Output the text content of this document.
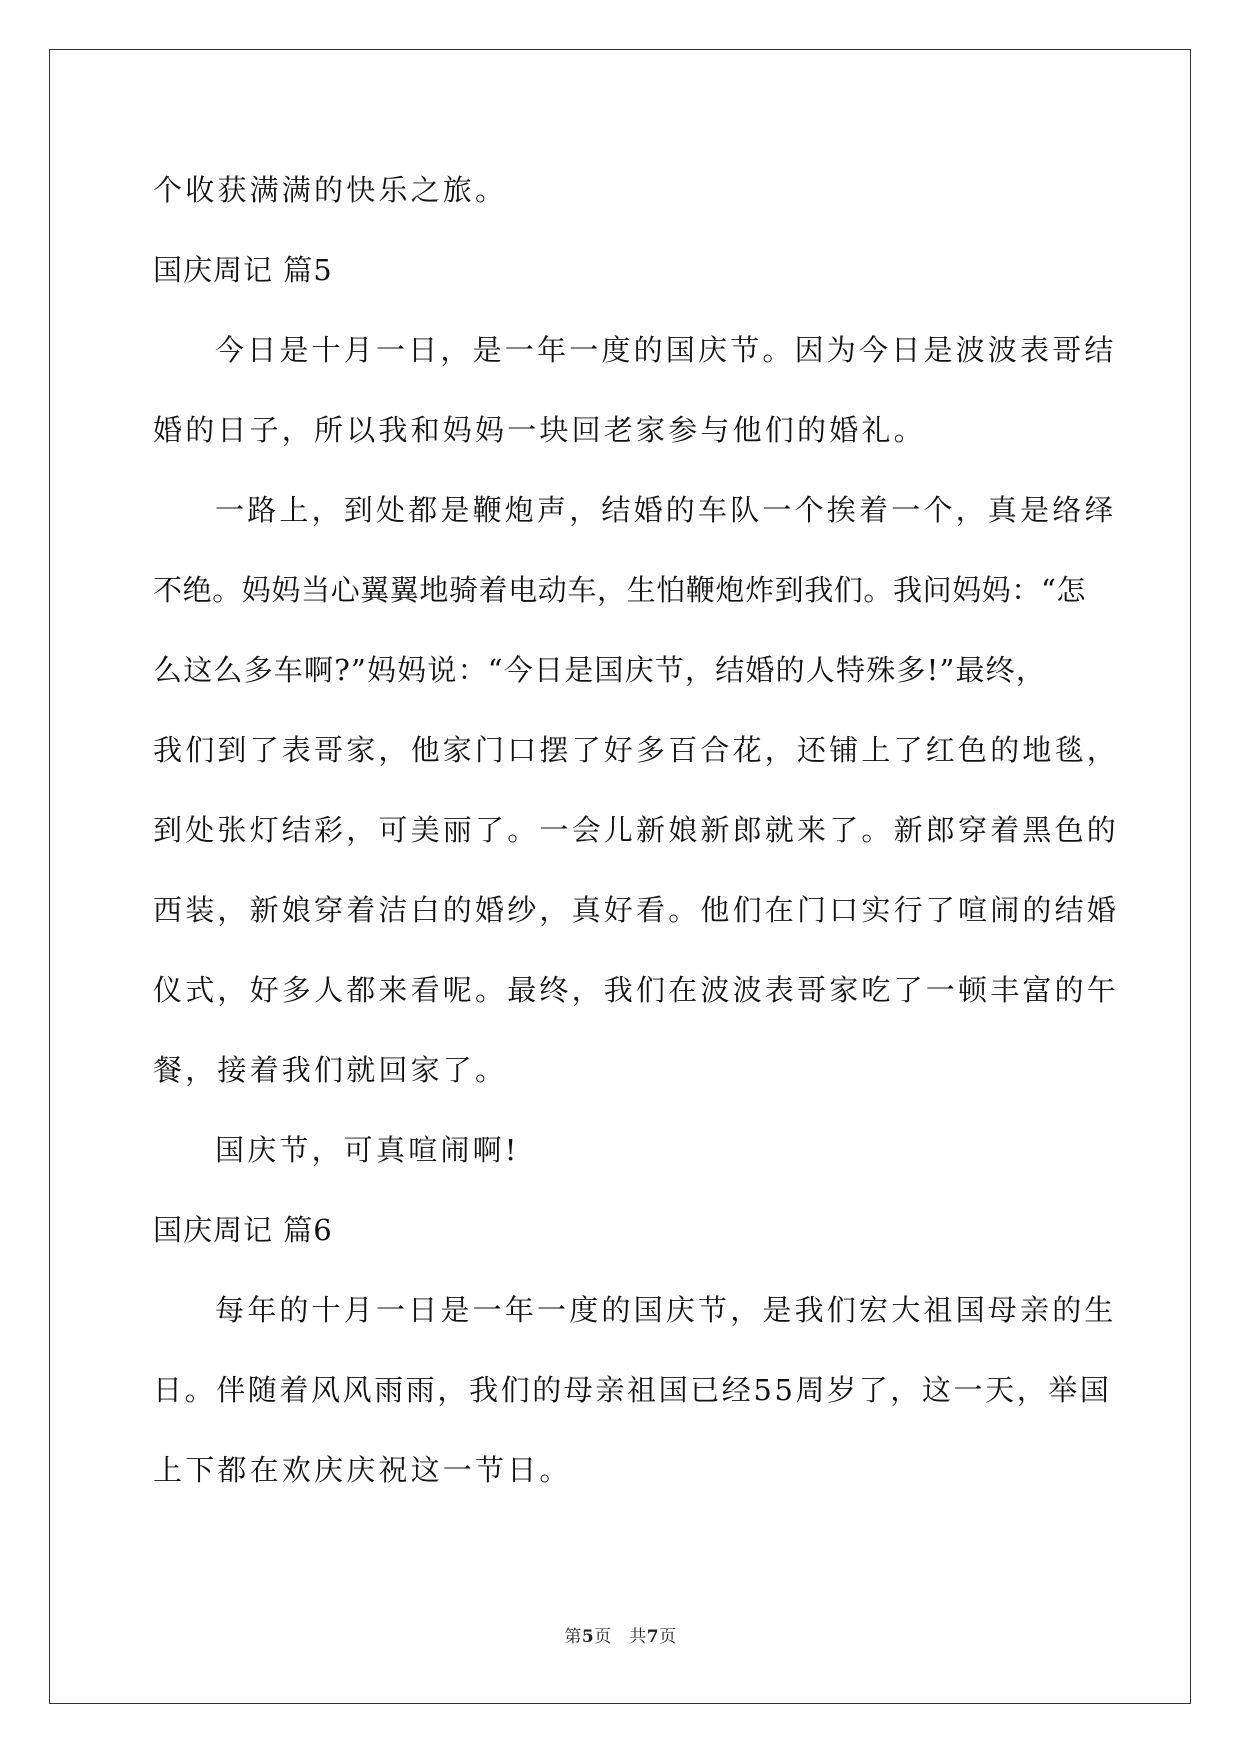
个收获满满的快乐之旅。
国庆周记 篇5
今日是十月一日，是一年一度的国庆节。因为今日是波波表哥结
婚的日子，所以我和妈妈一块回老家参与他们的婚礼。
一路上，到处都是鞭炮声，结婚的车队一个挨着一个，真是络绎
不绝。妈妈当心翼翼地骑着电动车，生怕鞭炮炸到我们。我问妈妈：“怎
么这么多车啊?”妈妈说：“今日是国庆节，结婚的人特殊多!”最终，
我们到了表哥家，他家门口摆了好多百合花，还铺上了红色的地毯，
到处张灯结彩，可美丽了。一会儿新娘新郎就来了。新郎穿着黑色的
西装，新娘穿着洁白的婚纱，真好看。他们在门口实行了喧闹的结婚
仪式，好多人都来看呢。最终，我们在波波表哥家吃了一顿丰富的午
餐，接着我们就回家了。
国庆节，可真喧闹啊!
国庆周记 篇6
每年的十月一日是一年一度的国庆节，是我们宏大祖国母亲的生
日。伴随着风风雨雨，我们的母亲祖国已经55周岁了，这一天，举国
上下都在欢庆庆祝这一节日。
第5页　共7页
